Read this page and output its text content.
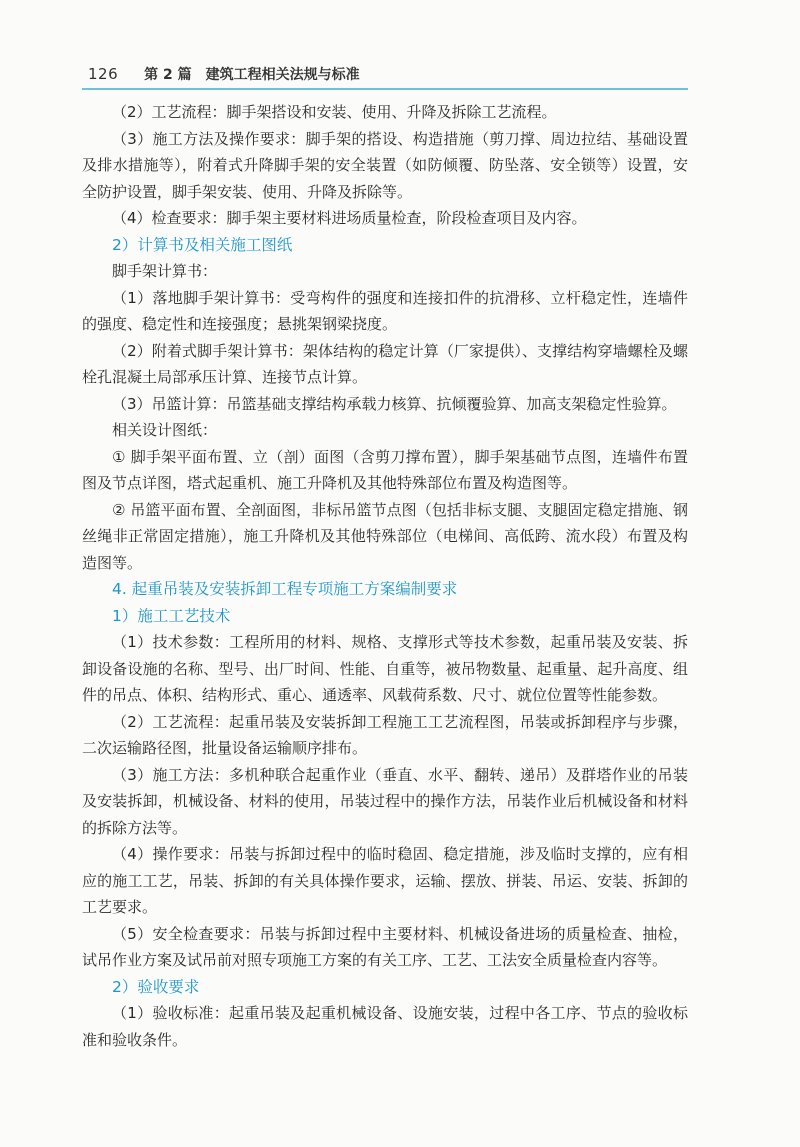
126 第 2 篇 建筑工程相关法规与标准

（2）工艺流程：脚手架搭设和安装、使用、升降及拆除工艺流程。

（3）施工方法及操作要求：脚手架的搭设、构造措施（剪刀撑、周边拉结、基础设置及排水措施等），附着式升降脚手架的安全装置（如防倾覆、防坠落、安全锁等）设置，安全防护设置，脚手架安装、使用、升降及拆除等。

（4）检查要求：脚手架主要材料进场质量检查，阶段检查项目及内容。

2）计算书及相关施工图纸

脚手架计算书：

（1）落地脚手架计算书：受弯构件的强度和连接扣件的抗滑移、立杆稳定性，连墙件的强度、稳定性和连接强度；悬挑架钢梁挠度。

（2）附着式脚手架计算书：架体结构的稳定计算（厂家提供）、支撑结构穿墙螺栓及螺栓孔混凝土局部承压计算、连接节点计算。

（3）吊篮计算：吊篮基础支撑结构承载力核算、抗倾覆验算、加高支架稳定性验算。

相关设计图纸：

① 脚手架平面布置、立（剖）面图（含剪刀撑布置），脚手架基础节点图，连墙件布置图及节点详图，塔式起重机、施工升降机及其他特殊部位布置及构造图等。

② 吊篮平面布置、全剖面图，非标吊篮节点图（包括非标支腿、支腿固定稳定措施、钢丝绳非正常固定措施），施工升降机及其他特殊部位（电梯间、高低跨、流水段）布置及构造图等。

4. 起重吊装及安装拆卸工程专项施工方案编制要求

1）施工工艺技术

（1）技术参数：工程所用的材料、规格、支撑形式等技术参数，起重吊装及安装、拆卸设备设施的名称、型号、出厂时间、性能、自重等，被吊物数量、起重量、起升高度、组件的吊点、体积、结构形式、重心、通透率、风载荷系数、尺寸、就位位置等性能参数。

（2）工艺流程：起重吊装及安装拆卸工程施工工艺流程图，吊装或拆卸程序与步骤，二次运输路径图，批量设备运输顺序排布。

（3）施工方法：多机种联合起重作业（垂直、水平、翻转、递吊）及群塔作业的吊装及安装拆卸，机械设备、材料的使用，吊装过程中的操作方法，吊装作业后机械设备和材料的拆除方法等。

（4）操作要求：吊装与拆卸过程中的临时稳固、稳定措施，涉及临时支撑的，应有相应的施工工艺，吊装、拆卸的有关具体操作要求，运输、摆放、拼装、吊运、安装、拆卸的工艺要求。

（5）安全检查要求：吊装与拆卸过程中主要材料、机械设备进场的质量检查、抽检，试吊作业方案及试吊前对照专项施工方案的有关工序、工艺、工法安全质量检查内容等。

2）验收要求

（1）验收标准：起重吊装及起重机械设备、设施安装，过程中各工序、节点的验收标准和验收条件。
